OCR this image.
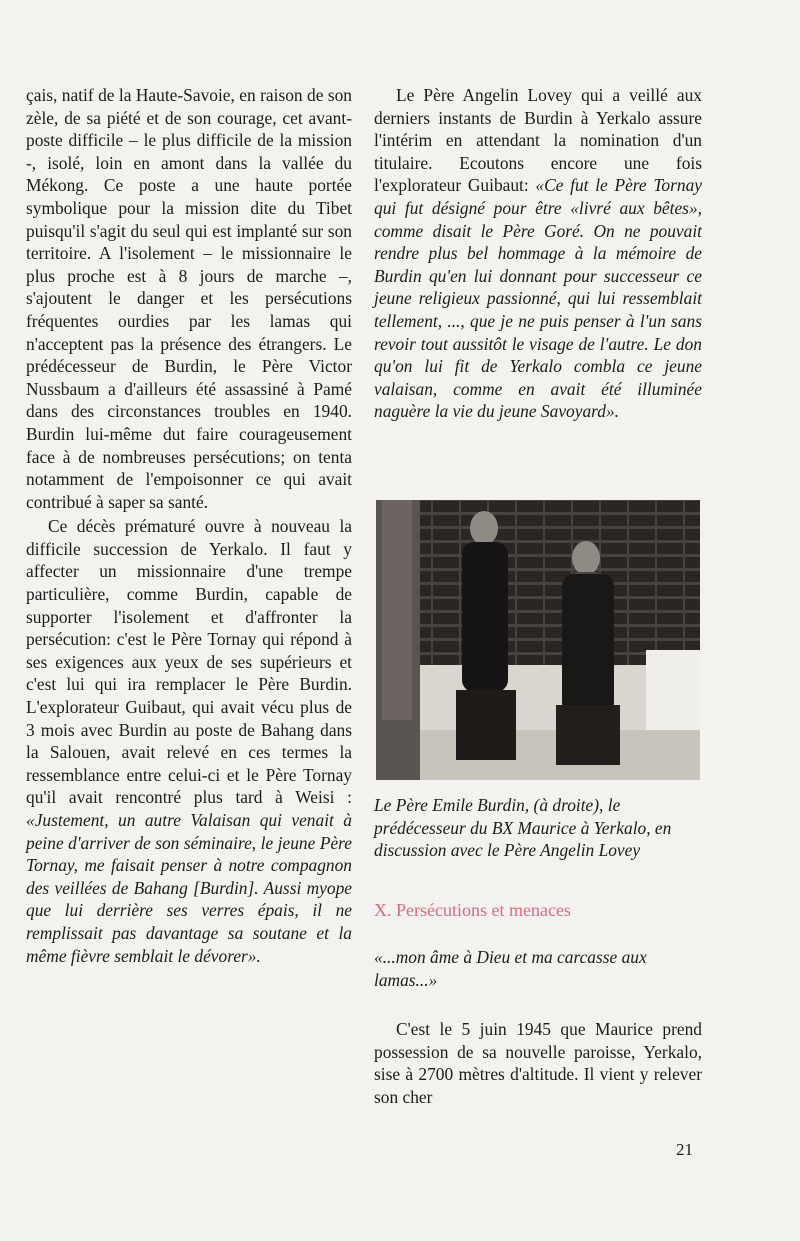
çais, natif de la Haute-Savoie, en raison de son zèle, de sa piété et de son courage, cet avant-poste difficile – le plus difficile de la mission -, isolé, loin en amont dans la vallée du Mékong. Ce poste a une haute portée symbolique pour la mission dite du Tibet puisqu'il s'agit du seul qui est implanté sur son territoire. A l'isolement – le missionnaire le plus proche est à 8 jours de marche –, s'ajoutent le danger et les persécutions fréquentes ourdies par les lamas qui n'acceptent pas la présence des étrangers. Le prédécesseur de Burdin, le Père Victor Nussbaum a d'ailleurs été assassiné à Pamé dans des circonstances troubles en 1940. Burdin lui-même dut faire courageusement face à de nombreuses persécutions; on tenta notamment de l'empoisonner ce qui avait contribué à saper sa santé.

Ce décès prématuré ouvre à nouveau la difficile succession de Yerkalo. Il faut y affecter un missionnaire d'une trempe particulière, comme Burdin, capable de supporter l'isolement et d'affronter la persécution: c'est le Père Tornay qui répond à ses exigences aux yeux de ses supérieurs et c'est lui qui ira remplacer le Père Burdin. L'explorateur Guibaut, qui avait vécu plus de 3 mois avec Burdin au poste de Bahang dans la Salouen, avait relevé en ces termes la ressemblance entre celui-ci et le Père Tornay qu'il avait rencontré plus tard à Weisi : «Justement, un autre Valaisan qui venait à peine d'arriver de son séminaire, le jeune Père Tornay, me faisait penser à notre compagnon des veillées de Bahang [Burdin]. Aussi myope que lui derrière ses verres épais, il ne remplissait pas davantage sa soutane et la même fièvre semblait le dévorer».

Le Père Angelin Lovey qui a veillé aux derniers instants de Burdin à Yerkalo assure l'intérim en attendant la nomination d'un titulaire. Ecoutons encore une fois l'explorateur Guibaut: «Ce fut le Père Tornay qui fut désigné pour être «livré aux bêtes», comme disait le Père Goré. On ne pouvait rendre plus bel hommage à la mémoire de Burdin qu'en lui donnant pour successeur ce jeune religieux passionné, qui lui ressemblait tellement, ..., que je ne puis penser à l'un sans revoir tout aussitôt le visage de l'autre. Le don qu'on lui fit de Yerkalo combla ce jeune valaisan, comme en avait été illuminée naguère la vie du jeune Savoyard».

Le Père Emile Burdin, (à droite), le prédécesseur du BX Maurice à Yerkalo, en discussion avec le Père Angelin Lovey
X. Persécutions et menaces
«...mon âme à Dieu et ma carcasse aux lamas...»

C'est le 5 juin 1945 que Maurice prend possession de sa nouvelle paroisse, Yerkalo, sise à 2700 mètres d'altitude. Il vient y relever son cher

21
